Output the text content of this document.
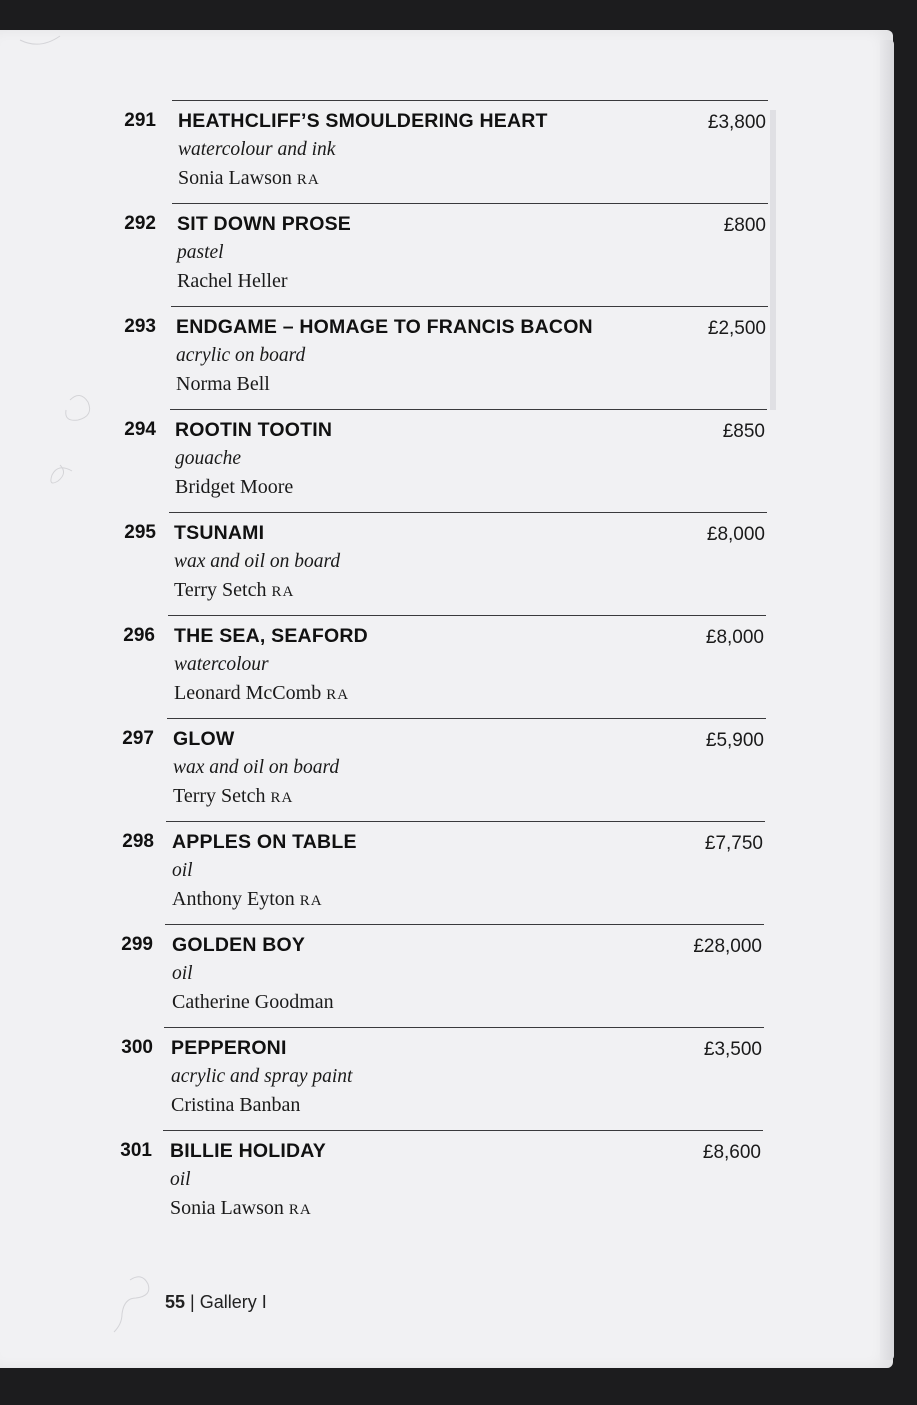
291 HEATHCLIFF’S SMOULDERING HEART	£3,800
watercolour and ink
Sonia Lawson RA
292 SIT DOWN PROSE	£800
pastel
Rachel Heller
293 ENDGAME – HOMAGE TO FRANCIS BACON	£2,500
acrylic on board
Norma Bell
294 ROOTIN TOOTIN	£850
gouache
Bridget Moore
295 TSUNAMI	£8,000
wax and oil on board
Terry Setch RA
296 THE SEA, SEAFORD	£8,000
watercolour
Leonard McComb RA
297 GLOW	£5,900
wax and oil on board
Terry Setch RA
298 APPLES ON TABLE	£7,750
oil
Anthony Eyton RA
299 GOLDEN BOY	£28,000
oil
Catherine Goodman
300 PEPPERONI	£3,500
acrylic and spray paint
Cristina Banban
301 BILLIE HOLIDAY	£8,600
oil
Sonia Lawson RA
55 | Gallery I
